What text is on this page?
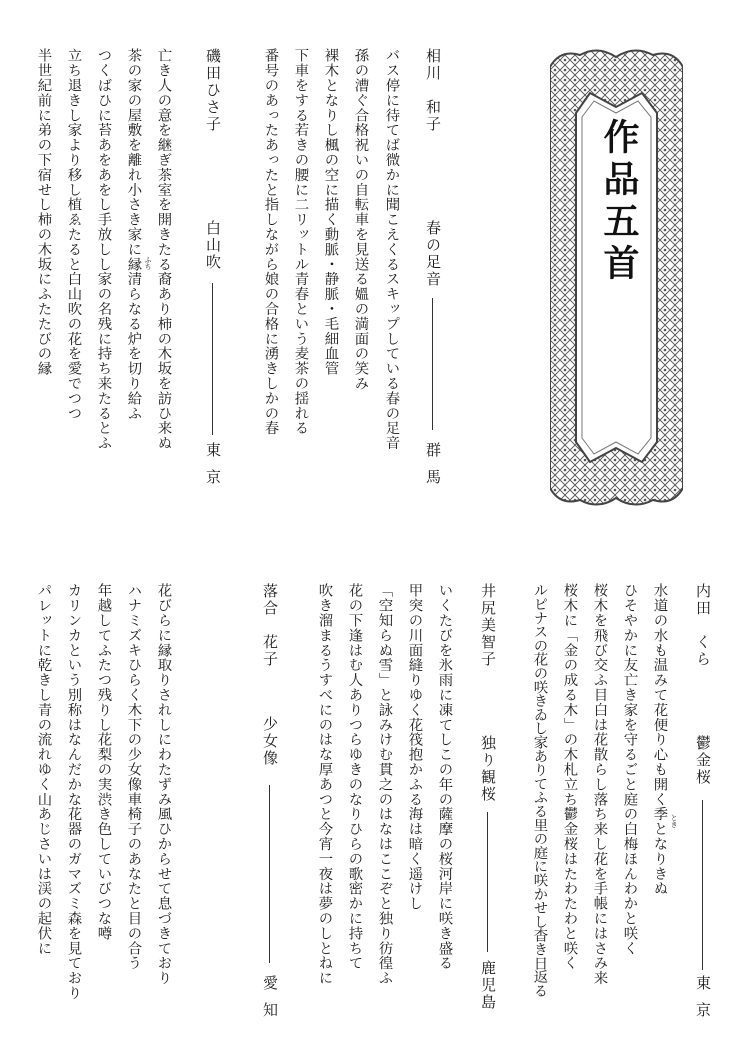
作品五首
相川　和子
春の足音
群馬
バス停に待てば微かに聞こえくるスキップしている春の足音
孫の漕ぐ合格祝いの自転車を見送る媼の満面の笑み
裸木となりし楓の空に描く動脈・静脈・毛細血管
下車をする若きの腰に二リットル青春という麦茶の揺れる
番号のあったあったと指しながら娘の合格に湧きしかの春
磯田ひさ子
白山吹
東京
亡き人の意を継ぎ茶室を開きたる裔あり柿の木坂を訪ひ来ぬ
茶の家の屋敷を離れ小さき家に縁清らなる炉を切り給ふ
つくばひに苔あをあをし手放しし家の名残に持ち来たるとふ
立ち退きし家より移し植ゑたると白山吹の花を愛でつつ
半世紀前に弟の下宿せし柿の木坂にふたたびの縁
内田　くら
鬱金桜
東京
水道の水も温みて花便り心も開く季となりきぬ とき
ひそやかに友亡き家を守るごと庭の白梅ほんわかと咲く
桜木を飛び交ふ目白は花散らし落ち来し花を手帳にはさみ来
桜木に「金の成る木」の木札立ち鬱金桜はたわたわと咲く
ルピナスの花の咲きゐし家ありてふる里の庭に咲かせし杳き日返る
井尻美智子
独り観桜
鹿児島
いくたびを氷雨に凍てしこの年の薩摩の桜河岸に咲き盛る
甲突の川面縫りゆく花筏抱かふる海は暗く遥けし
「空知らぬ雪」と詠みけむ貫之のはなはここぞと独り彷徨ふ
花の下逢はむ人ありつらゆきのなりひらの歌密かに持ちて
吹き溜まるうすべにのはな厚あつと今宵一夜は夢のしとねに
落合　花子
少女像
愛知
花びらに縁取りされしにわたずみ風ひからせて息づきており
ハナミズキひらく木下の少女像車椅子のあなたと目の合う
年越してふたつ残りし花梨の実渋き色していびつな噂
カリンカという別称はなんだかな花器のガマズミ森を見ており
パレットに乾きし青の流れゆく山あじさいは渓の起伏に
ふち
